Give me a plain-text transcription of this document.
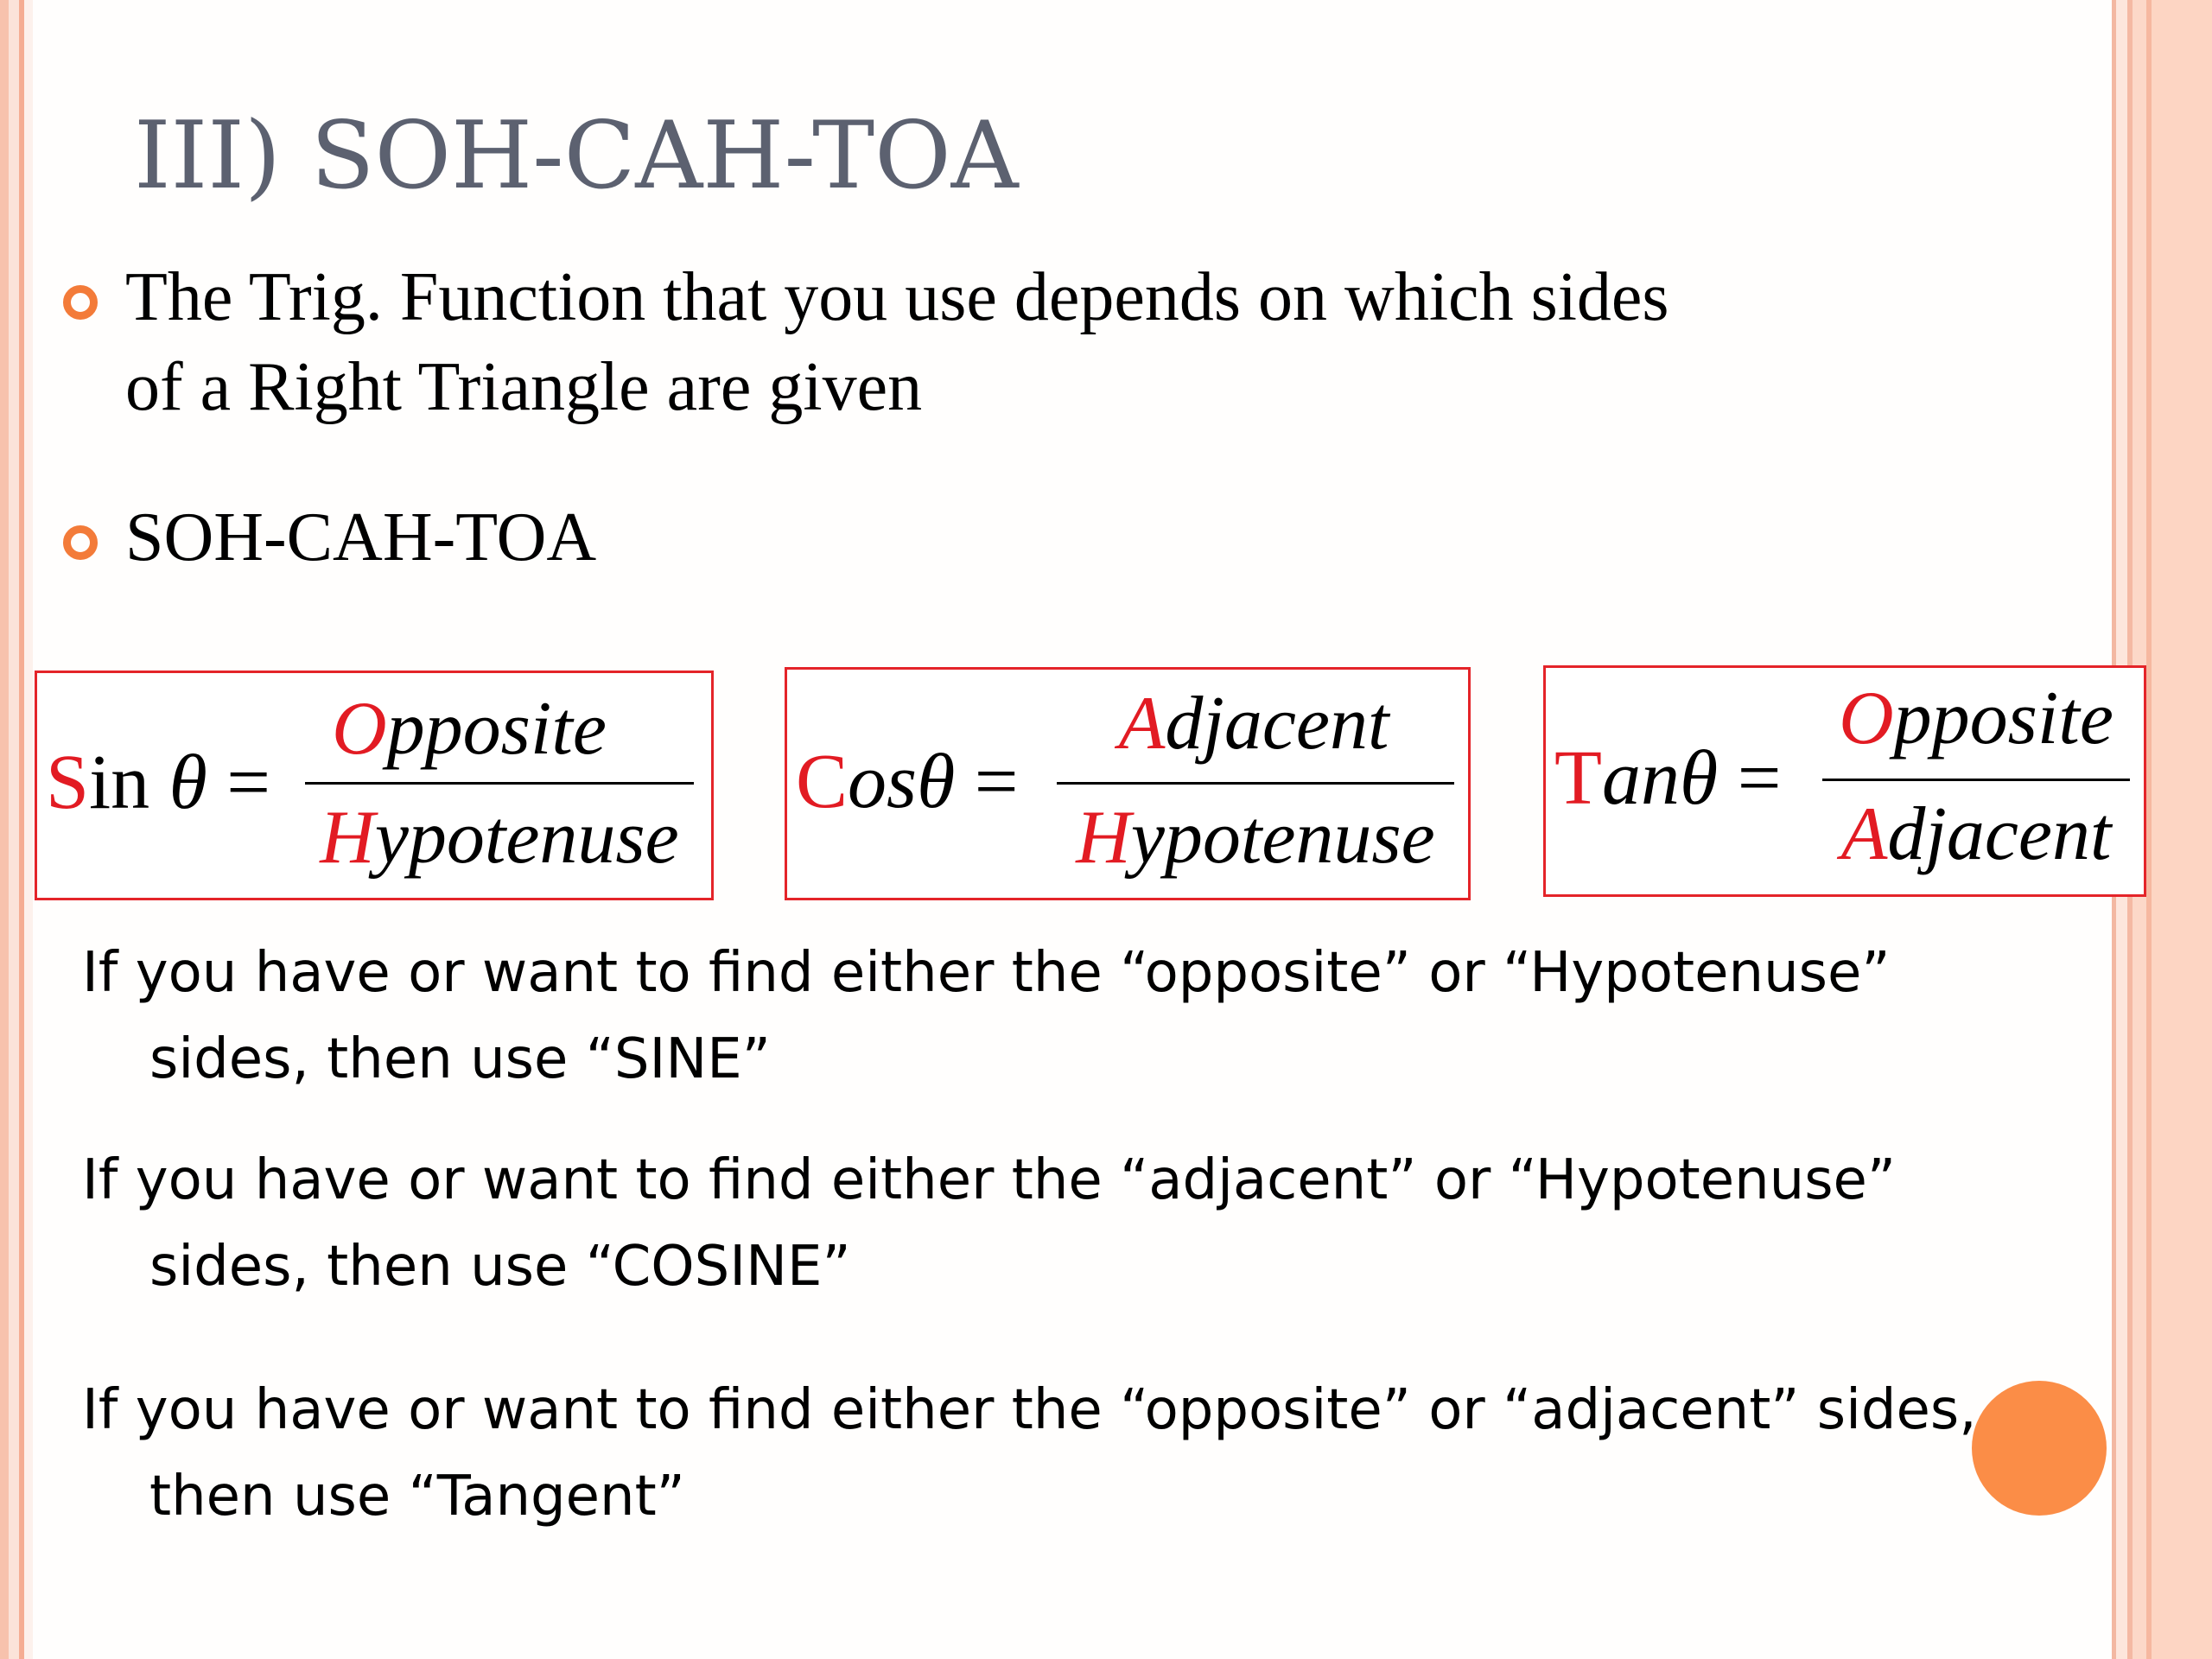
III) SOH-CAH-TOA
The Trig. Function that you use depends on which sides
of a Right Triangle are given
SOH-CAH-TOA
Sin θ =
Opposite
Hypotenuse
Cosθ =
Adjacent
Hypotenuse
Tanθ =
Opposite
Adjacent
If you have or want to find either the “opposite” or “Hypotenuse”
sides, then use “SINE”
If you have or want to find either the “adjacent” or “Hypotenuse”
sides, then use “COSINE”
If you have or want to find either the “opposite” or “adjacent” sides,
then use “Tangent”
